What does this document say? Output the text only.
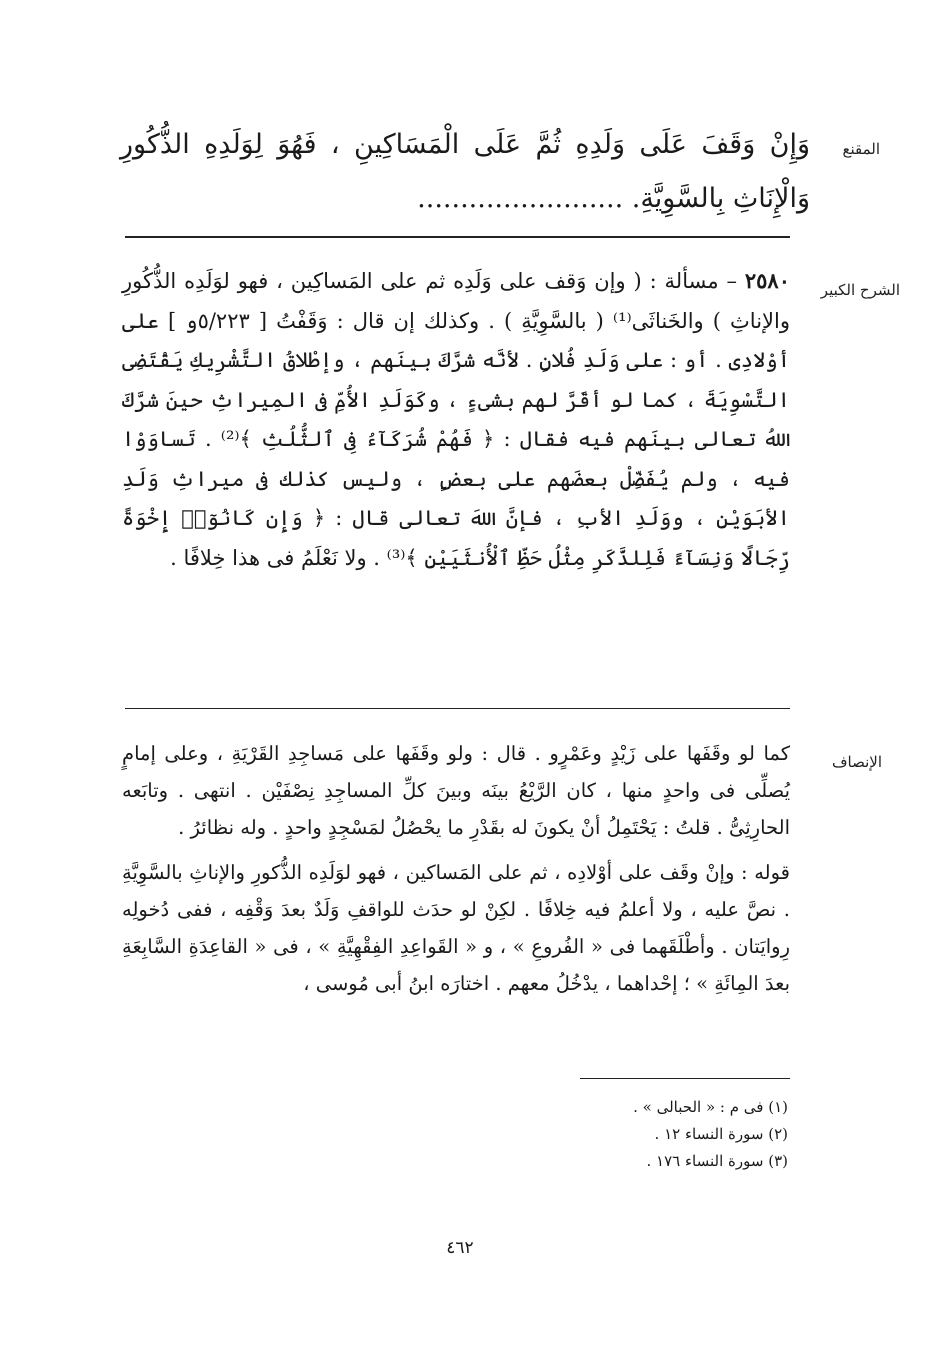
المقنع
وَإِنْ وَقَفَ عَلَى وَلَدِهِ ثُمَّ عَلَى الْمَسَاكِينِ ، فَهُوَ لِوَلَدِهِ الذُّكُورِ وَالْإِنَاثِ بِالسَّوِيَّةِ. ........................
الشرح الكبير
٢٥٨٠ – مسألة : ( وإن وَقف على وَلَدِه ثم على المَساكِين ، فهو لوَلَدِه الذُّكُورِ والإناثِ ) والخَناثَى⁽¹⁾ ( بالسَّوِيَّةِ ) . وكذلك إن قال : وَقَفْتُ [ ٥/٢٢٣و ] على أوْلادِى . أو : على وَلَدِ فُلانٍ . لأنَّه شرَّكَ بينَهم ، وإطْلاقُ التَّشْرِيكِ يَقْتَضِى التَّسْوِيَةَ ، كما لو أقَرَّ لهم بشىءٍ ، وكَوَلَدِ الأُمِّ فى المِيراثِ حينَ شرَّكَ اللهُ تعالى بينَهم فيه فقال : ﴿ فَهُمْ شُرَكَآءُ فِى ٱلثُّلُثِ ﴾⁽²⁾ . تَساوَوْا فيه ، ولم يُفَضِّلْ بعضَهم على بعضٍ ، وليس كذلك فى ميراثِ وَلَدِ الأبَوَيْنِ ، ووَلَدِ الأبِ ، فإنَّ اللهَ تعالى قال : ﴿ وَإِن كَانُوٓا۟ إِخْوَةً رِّجَالًا وَنِسَآءً فَلِلذَّكَرِ مِثْلُ حَظِّ ٱلْأُنثَيَيْنِ ﴾⁽³⁾ . ولا نَعْلَمُ فى هذا خِلافًا .
الإنصاف

كما لو وقَفَها على زَيْدٍ وعَمْرٍو . قال : ولو وقَفَها على مَساجِدِ القَرْيَةِ ، وعلى إمامٍ يُصلِّى فى واحدٍ منها ، كان الرَّيْعُ بينَه وبينَ كلِّ المساجِدِ نِصْفَيْن . انتهى . وتابَعه الحارِثِىُّ . قلتُ : يَحْتَمِلُ أنْ يكونَ له بقَدْرِ ما يحْصُلُ لمَسْجِدٍ واحدٍ . وله نظائرُ .

قوله : وإنْ وقَف على أوْلادِه ، ثم على المَساكين ، فهو لوَلَدِه الذُّكورِ والإناثِ بالسَّوِيَّةِ . نصَّ عليه ، ولا أعلمُ فيه خِلافًا . لكِنْ لو حدَث للواقفِ وَلَدٌ بعدَ وَقْفِه ، ففى دُخولِه رِوايَتان . وأطْلَقَهما فى « الفُروعِ » ، و « القَواعِدِ الفِقْهِيَّةِ » ، فى « القاعِدَةِ السَّابِعَةِ بعدَ المِائَةِ » ؛ إحْداهما ، يدْخُلُ معهم . اختارَه ابنُ أبى مُوسى ،

(١) فى م : « الحبالى » .
(٢) سورة النساء ١٢ .
(٣) سورة النساء ١٧٦ .
٤٦٢
